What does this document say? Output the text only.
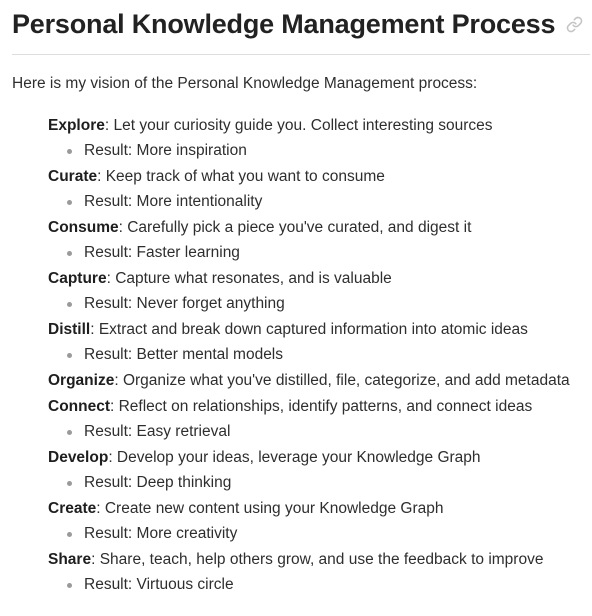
Personal Knowledge Management Process

Here is my vision of the Personal Knowledge Management process:

Explore: Let your curiosity guide you. Collect interesting sources
Result: More inspiration
Curate: Keep track of what you want to consume
Result: More intentionality
Consume: Carefully pick a piece you've curated, and digest it
Result: Faster learning
Capture: Capture what resonates, and is valuable
Result: Never forget anything
Distill: Extract and break down captured information into atomic ideas
Result: Better mental models
Organize: Organize what you've distilled, file, categorize, and add metadata
Connect: Reflect on relationships, identify patterns, and connect ideas
Result: Easy retrieval
Develop: Develop your ideas, leverage your Knowledge Graph
Result: Deep thinking
Create: Create new content using your Knowledge Graph
Result: More creativity
Share: Share, teach, help others grow, and use the feedback to improve
Result: Virtuous circle
